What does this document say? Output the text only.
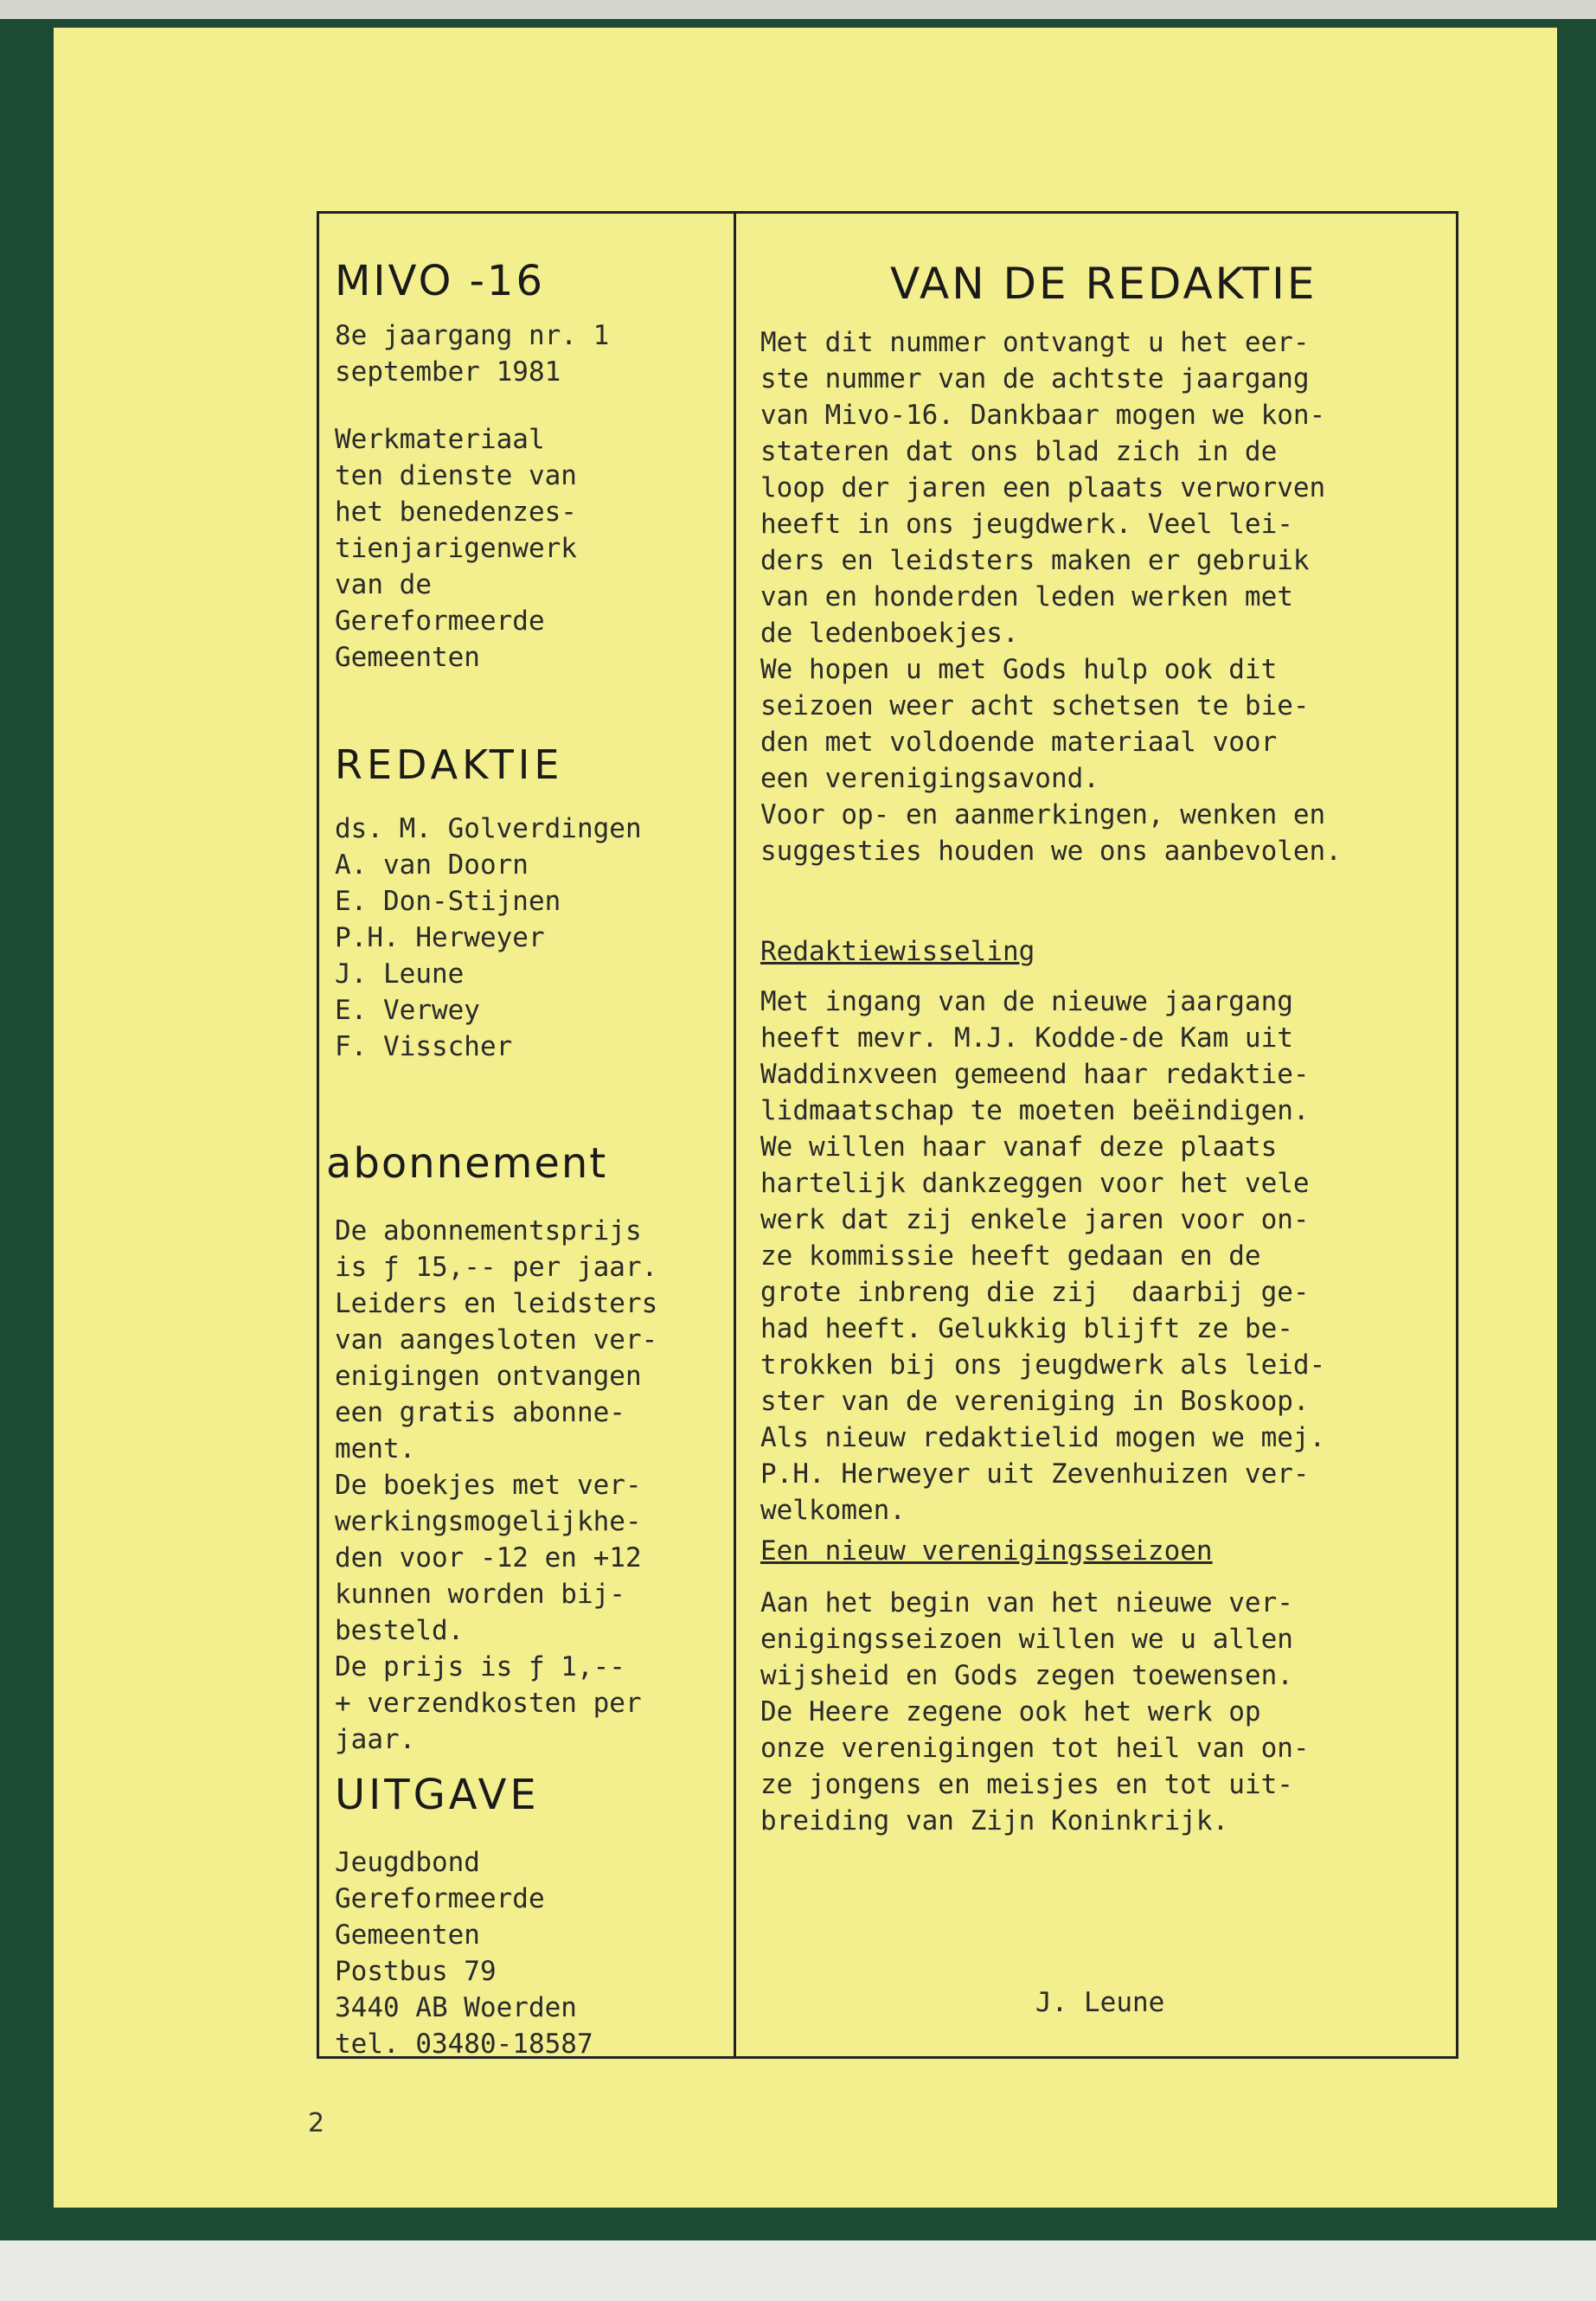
MIVO -16

8e jaargang nr. 1
september 1981

Werkmateriaal
ten dienste van
het benedenzes-
tienjarigenwerk
van de
Gereformeerde
Gemeenten

REDAKTIE

ds. M. Golverdingen
A. van Doorn
E. Don-Stijnen
P.H. Herweyer
J. Leune
E. Verwey
F. Visscher

abonnement

De abonnementsprijs
is ƒ 15,-- per jaar.
Leiders en leidsters
van aangesloten ver-
enigingen ontvangen
een gratis abonne-
ment.
De boekjes met ver-
werkingsmogelijkhe-
den voor -12 en +12
kunnen worden bij-
besteld.
De prijs is ƒ 1,--
+ verzendkosten per
jaar.

UITGAVE

Jeugdbond
Gereformeerde
Gemeenten
Postbus 79
3440 AB Woerden
tel. 03480-18587

VAN DE REDAKTIE

Met dit nummer ontvangt u het eer-
ste nummer van de achtste jaargang
van Mivo-16. Dankbaar mogen we kon-
stateren dat ons blad zich in de
loop der jaren een plaats verworven
heeft in ons jeugdwerk. Veel lei-
ders en leidsters maken er gebruik
van en honderden leden werken met
de ledenboekjes.
We hopen u met Gods hulp ook dit
seizoen weer acht schetsen te bie-
den met voldoende materiaal voor
een verenigingsavond.
Voor op- en aanmerkingen, wenken en
suggesties houden we ons aanbevolen.

Redaktiewisseling

Met ingang van de nieuwe jaargang
heeft mevr. M.J. Kodde-de Kam uit
Waddinxveen gemeend haar redaktie-
lidmaatschap te moeten beëindigen.
We willen haar vanaf deze plaats
hartelijk dankzeggen voor het vele
werk dat zij enkele jaren voor on-
ze kommissie heeft gedaan en de
grote inbreng die zij  daarbij ge-
had heeft. Gelukkig blijft ze be-
trokken bij ons jeugdwerk als leid-
ster van de vereniging in Boskoop.
Als nieuw redaktielid mogen we mej.
P.H. Herweyer uit Zevenhuizen ver-
welkomen.

Een nieuw verenigingsseizoen

Aan het begin van het nieuwe ver-
enigingsseizoen willen we u allen
wijsheid en Gods zegen toewensen.
De Heere zegene ook het werk op
onze verenigingen tot heil van on-
ze jongens en meisjes en tot uit-
breiding van Zijn Koninkrijk.

J. Leune
2
